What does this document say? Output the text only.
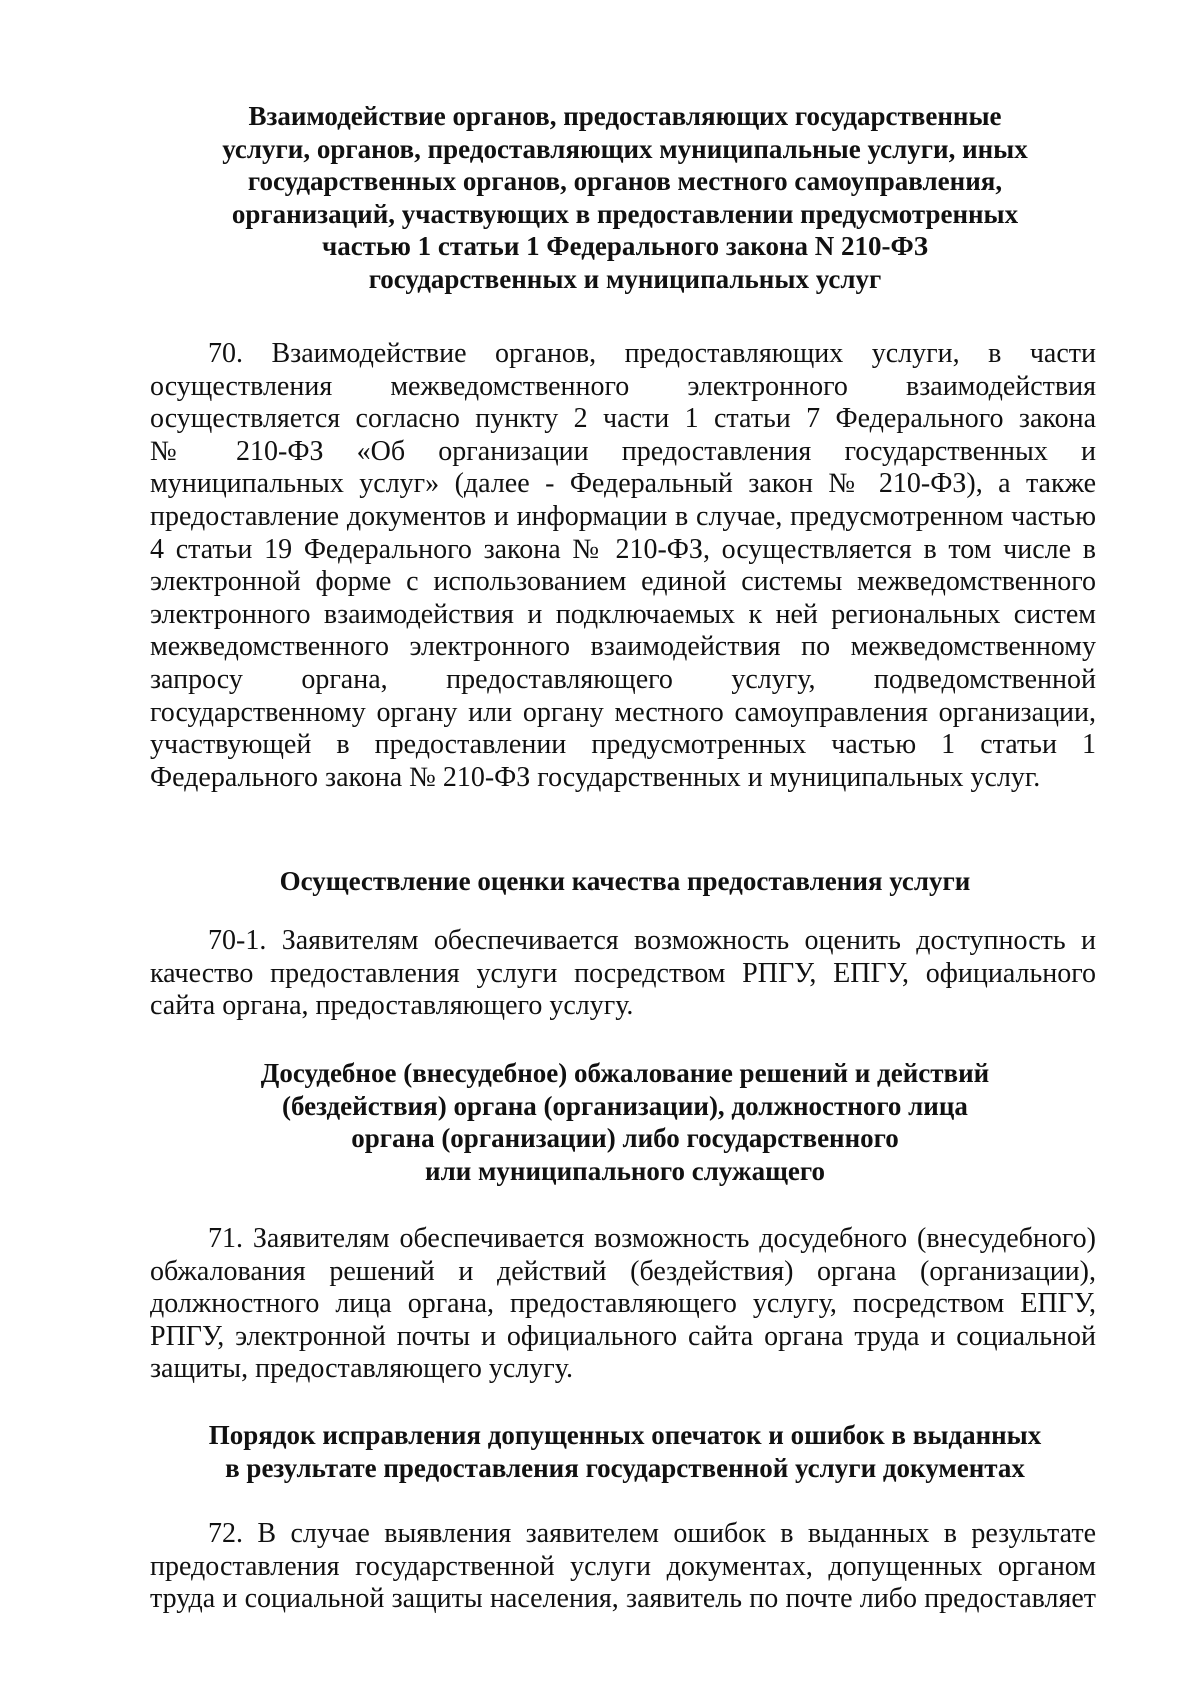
Взаимодействие органов, предоставляющих государственные
услуги, органов, предоставляющих муниципальные услуги, иных
государственных органов, органов местного самоуправления,
организаций, участвующих в предоставлении предусмотренных
частью 1 статьи 1 Федерального закона N 210-ФЗ
государственных и муниципальных услуг
70. Взаимодействие органов, предоставляющих услуги, в части
осуществления межведомственного электронного взаимодействия
осуществляется согласно пункту 2 части 1 статьи 7 Федерального закона
№ 210-ФЗ «Об организации предоставления государственных и
муниципальных услуг» (далее - Федеральный закон № 210-ФЗ), а также
предоставление документов и информации в случае, предусмотренном частью
4 статьи 19 Федерального закона № 210-ФЗ, осуществляется в том числе в
электронной форме с использованием единой системы межведомственного
электронного взаимодействия и подключаемых к ней региональных систем
межведомственного электронного взаимодействия по межведомственному
запросу органа, предоставляющего услугу, подведомственной
государственному органу или органу местного самоуправления организации,
участвующей в предоставлении предусмотренных частью 1 статьи 1
Федерального закона № 210-ФЗ государственных и муниципальных услуг.
Осуществление оценки качества предоставления услуги
70-1. Заявителям обеспечивается возможность оценить доступность и
качество предоставления услуги посредством РПГУ, ЕПГУ, официального
сайта органа, предоставляющего услугу.
Досудебное (внесудебное) обжалование решений и действий
(бездействия) органа (организации), должностного лица
органа (организации) либо государственного
или муниципального служащего
71. Заявителям обеспечивается возможность досудебного (внесудебного)
обжалования решений и действий (бездействия) органа (организации),
должностного лица органа, предоставляющего услугу, посредством ЕПГУ,
РПГУ, электронной почты и официального сайта органа труда и социальной
защиты, предоставляющего услугу.
Порядок исправления допущенных опечаток и ошибок в выданных
в результате предоставления государственной услуги документах
72. В случае выявления заявителем ошибок в выданных в результате
предоставления государственной услуги документах, допущенных органом
труда и социальной защиты населения, заявитель по почте либо предоставляет
